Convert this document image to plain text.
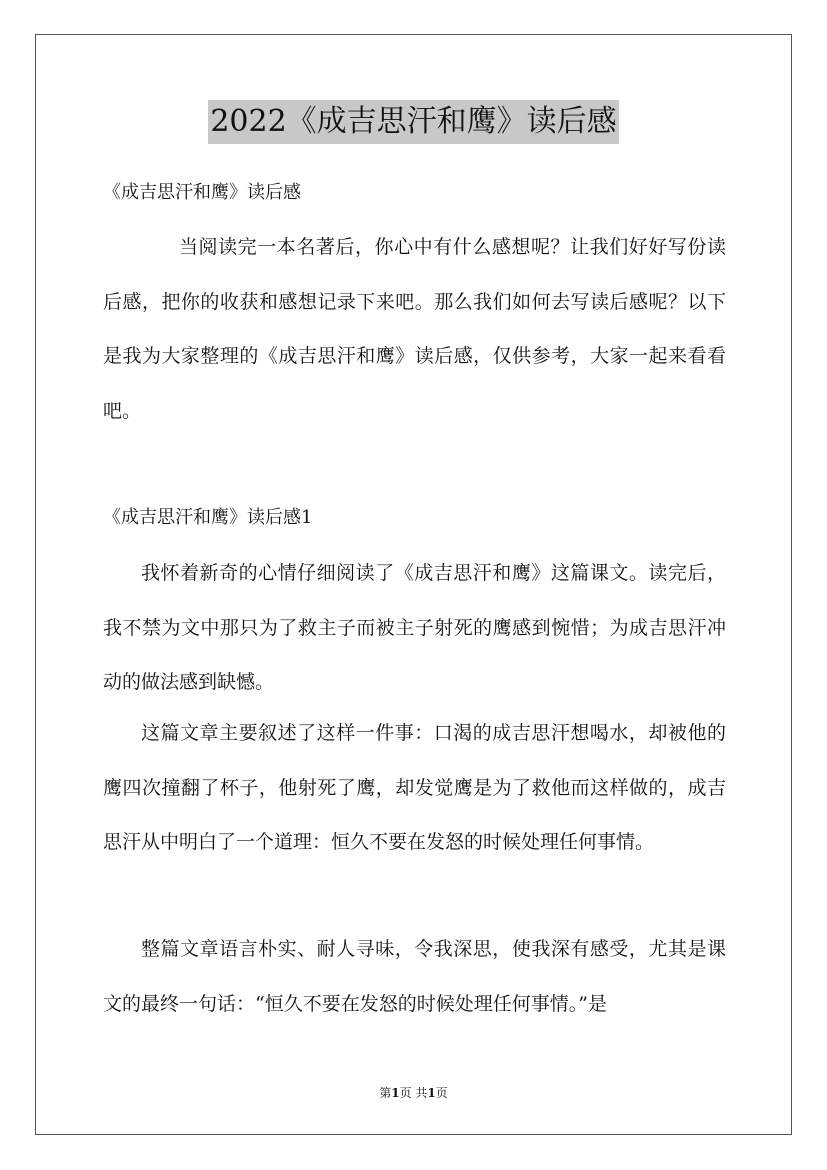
2022《成吉思汗和鹰》读后感
《成吉思汗和鹰》读后感

当阅读完一本名著后，你心中有什么感想呢？让我们好好写份读后感，把你的收获和感想记录下来吧。那么我们如何去写读后感呢？以下是我为大家整理的《成吉思汗和鹰》读后感，仅供参考，大家一起来看看吧。

《成吉思汗和鹰》读后感1

我怀着新奇的心情仔细阅读了《成吉思汗和鹰》这篇课文。读完后，我不禁为文中那只为了救主子而被主子射死的鹰感到惋惜；为成吉思汗冲动的做法感到缺憾。

这篇文章主要叙述了这样一件事：口渴的成吉思汗想喝水，却被他的鹰四次撞翻了杯子，他射死了鹰，却发觉鹰是为了救他而这样做的，成吉思汗从中明白了一个道理：恒久不要在发怒的时候处理任何事情。

整篇文章语言朴实、耐人寻味，令我深思，使我深有感受，尤其是课文的最终一句话：“恒久不要在发怒的时候处理任何事情。”是

第1页 共1页
